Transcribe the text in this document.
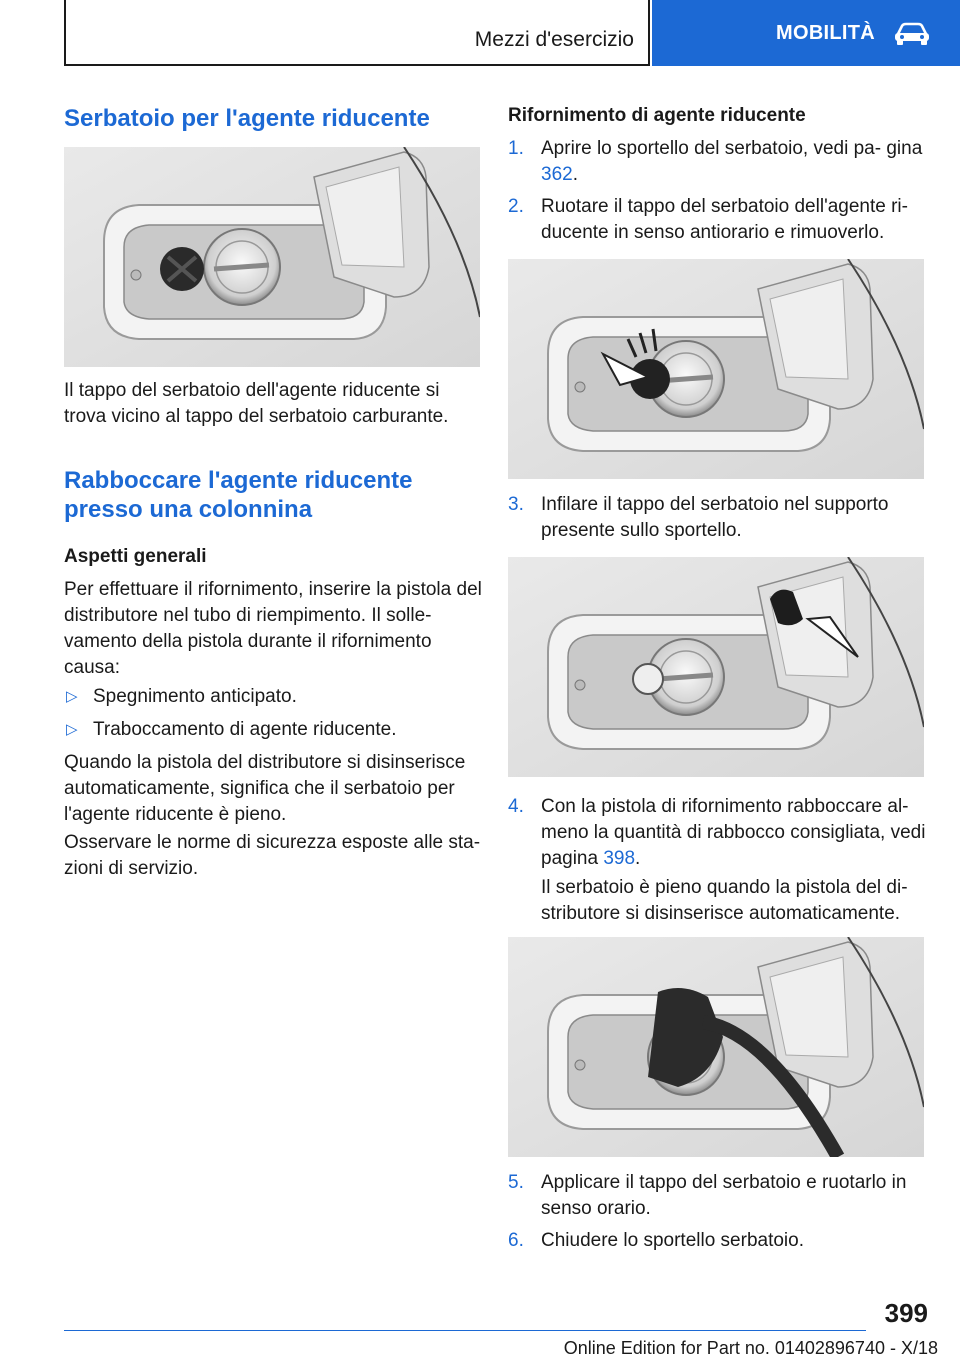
Mezzi d'esercizio	MOBILITÀ
Serbatoio per l'agente riducente

Il tappo del serbatoio dell'agente riducente si trova vicino al tappo del serbatoio carburante.

Rabboccare l'agente riducente presso una colonnina
Aspetti generali

Per effettuare il rifornimento, inserire la pistola del distributore nel tubo di riempimento. Il solle- vamento della pistola durante il rifornimento causa:

▷ Spegnimento anticipato.
▷ Traboccamento di agente riducente.

Quando la pistola del distributore si disinserisce automaticamente, significa che il serbatoio per l'agente riducente è pieno.

Osservare le norme di sicurezza esposte alle sta- zioni di servizio.

Rifornimento di agente riducente
1. Aprire lo sportello del serbatoio, vedi pa- gina 362.
2. Ruotare il tappo del serbatoio dell'agente ri- ducente in senso antiorario e rimuoverlo.
3. Infilare il tappo del serbatoio nel supporto presente sullo sportello.
4. Con la pistola di rifornimento rabboccare al- meno la quantità di rabbocco consigliata, vedi pagina 398.

Il serbatoio è pieno quando la pistola del di- stributore si disinserisce automaticamente.

5. Applicare il tappo del serbatoio e ruotarlo in senso orario.
6. Chiudere lo sportello serbatoio.
399
Online Edition for Part no. 01402896740 - X/18
